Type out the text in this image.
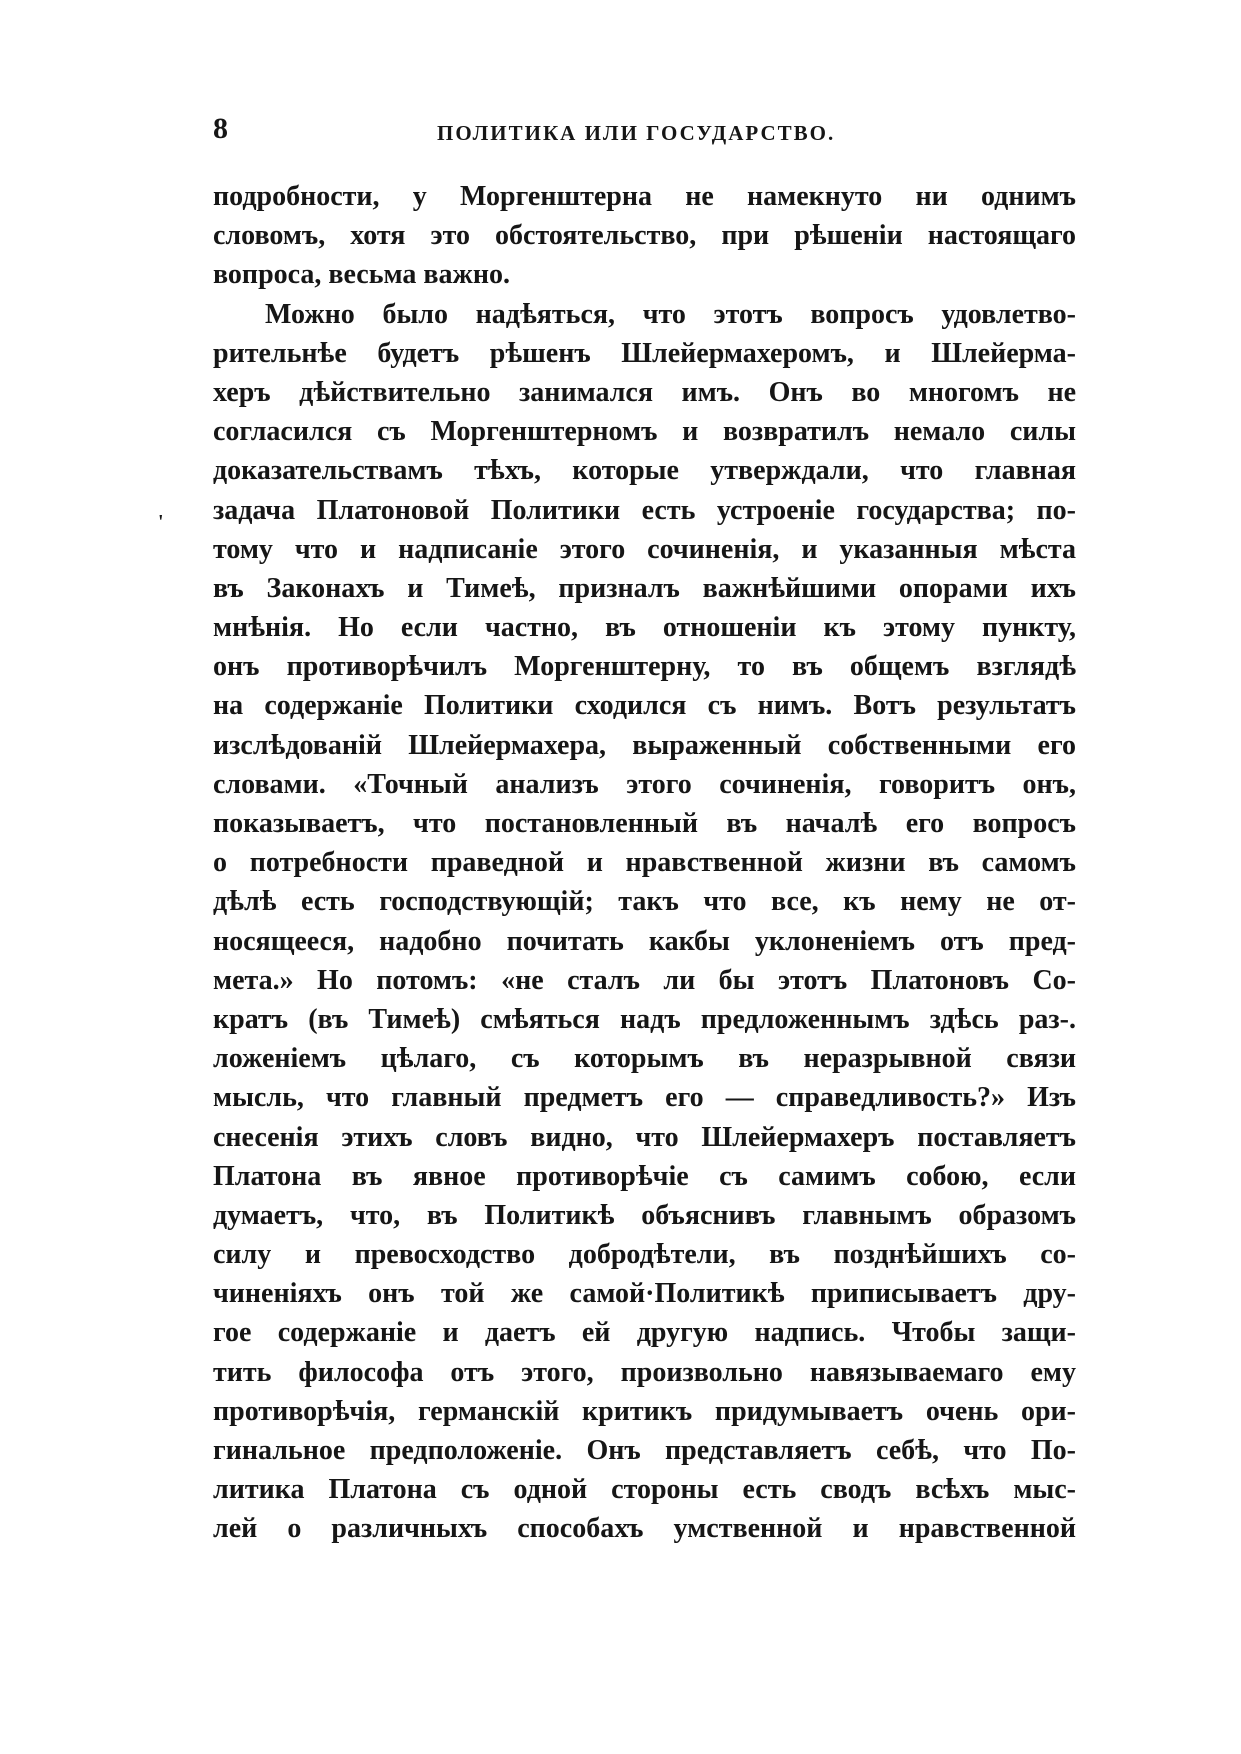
8	ПОЛИТИКА ИЛИ ГОСУДАРСТВО.
'
подробности, у Моргенштерна не намекнуто ни однимъ
словомъ, хотя это обстоятельство, при рѣшеніи настоящаго
вопроса, весьма важно.
Можно было надѣяться, что этотъ вопросъ удовлетво-
рительнѣе будетъ рѣшенъ Шлейермахеромъ, и Шлейерма-
херъ дѣйствительно занимался имъ. Онъ во многомъ не
согласился съ Моргенштерномъ и возвратилъ немало силы
доказательствамъ тѣхъ, которые утверждали, что главная
задача Платоновой Политики есть устроеніе государства; по-
тому что и надписаніе этого сочиненія, и указанныя мѣста
въ Законахъ и Тимеѣ, призналъ важнѣйшими опорами ихъ
мнѣнія. Но если частно, въ отношеніи къ этому пункту,
онъ противорѣчилъ Моргенштерну, то въ общемъ взглядѣ
на содержаніе Политики сходился съ нимъ. Вотъ результатъ
изслѣдованій Шлейермахера, выраженный собственными его
словами. «Точный анализъ этого сочиненія, говоритъ онъ,
показываетъ, что постановленный въ началѣ его вопросъ
о потребности праведной и нравственной жизни въ самомъ
дѣлѣ есть господствующій; такъ что все, къ нему не от-
носящееся, надобно почитать какбы уклоненіемъ отъ пред-
мета.» Но потомъ: «не сталъ ли бы этотъ Платоновъ Со-
кратъ (въ Тимеѣ) смѣяться надъ предложеннымъ здѣсь раз-.
ложеніемъ цѣлаго, съ которымъ въ неразрывной связи
мысль, что главный предметъ его — справедливость?» Изъ
снесенія этихъ словъ видно, что Шлейермахеръ поставляетъ
Платона въ явное противорѣчіе съ самимъ собою, если
думаетъ, что, въ Политикѣ объяснивъ главнымъ образомъ
силу и превосходство добродѣтели, въ позднѣйшихъ со-
чиненіяхъ онъ той же самой·Политикѣ приписываетъ дру-
гое содержаніе и даетъ ей другую надпись. Чтобы защи-
тить философа отъ этого, произвольно навязываемаго ему
противорѣчія, германскій критикъ придумываетъ очень ори-
гинальное предположеніе. Онъ представляетъ себѣ, что По-
литика Платона съ одной стороны есть сводъ всѣхъ мыс-
лей о различныхъ способахъ умственной и нравственной
